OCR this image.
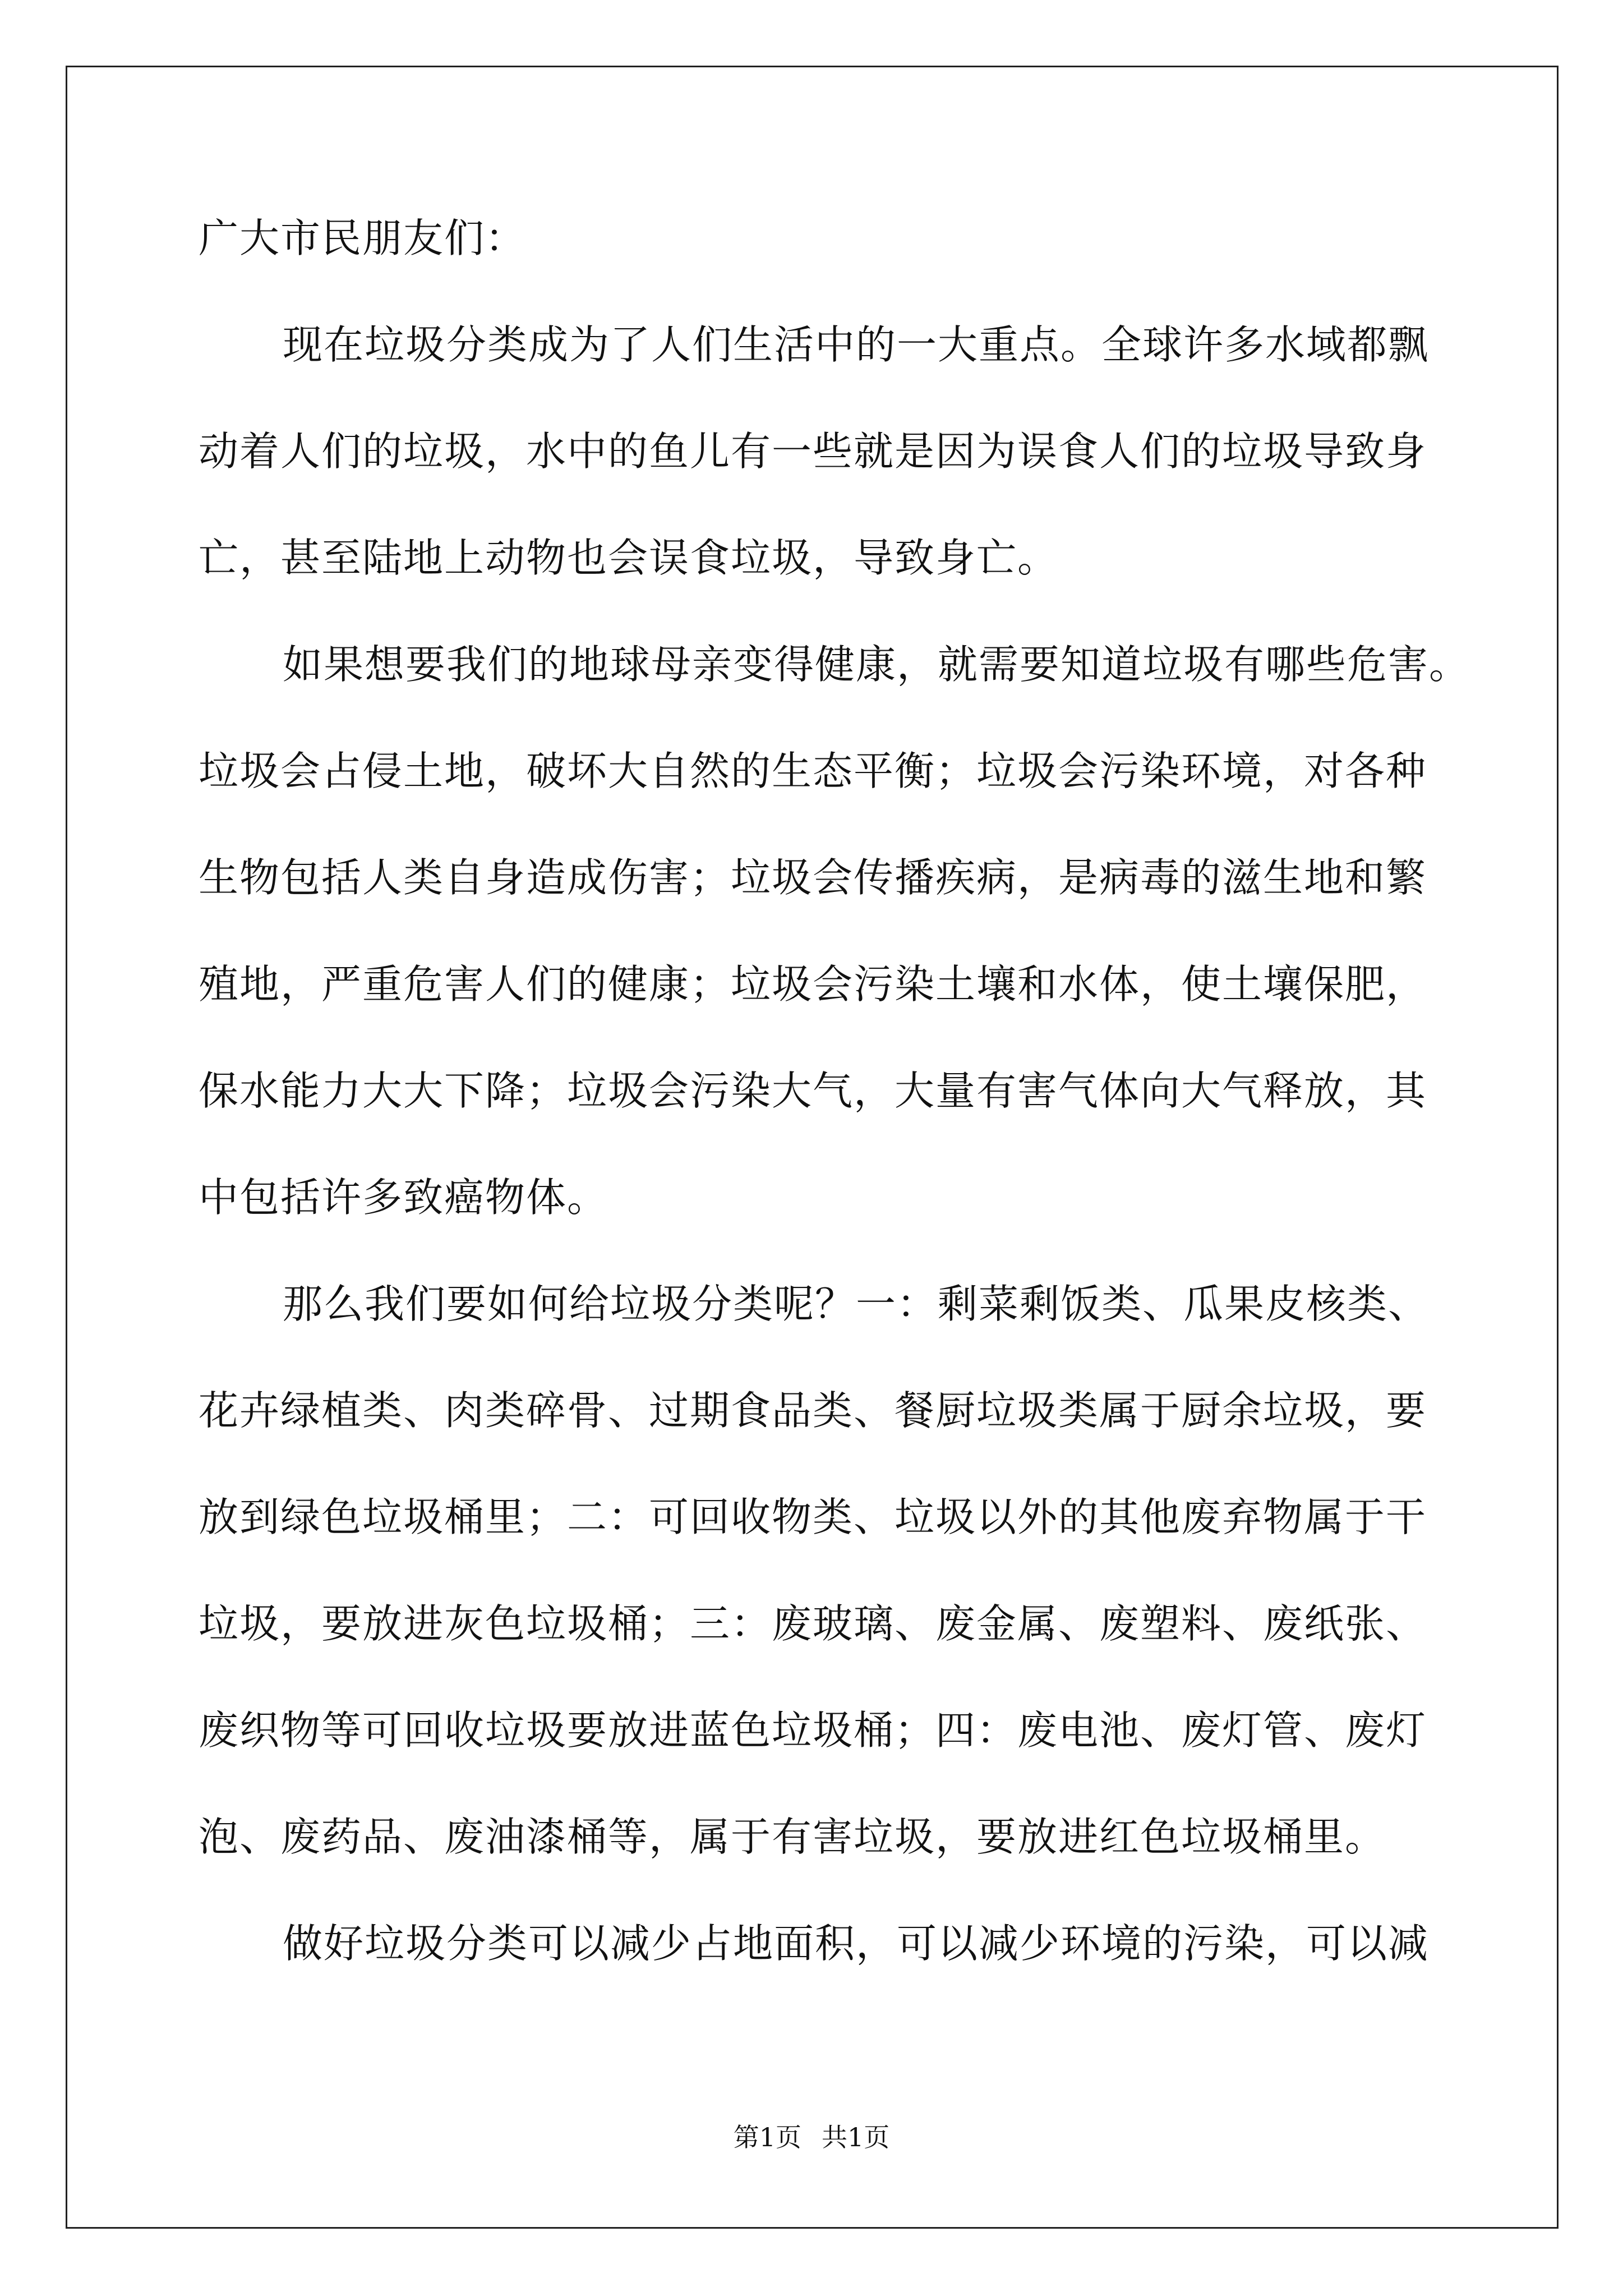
广大市民朋友们：
现在垃圾分类成为了人们生活中的一大重点。全球许多水域都飘
动着人们的垃圾，水中的鱼儿有一些就是因为误食人们的垃圾导致身
亡，甚至陆地上动物也会误食垃圾，导致身亡。
如果想要我们的地球母亲变得健康，就需要知道垃圾有哪些危害。
垃圾会占侵土地，破坏大自然的生态平衡；垃圾会污染环境，对各种
生物包括人类自身造成伤害；垃圾会传播疾病，是病毒的滋生地和繁
殖地，严重危害人们的健康；垃圾会污染土壤和水体，使土壤保肥，
保水能力大大下降；垃圾会污染大气，大量有害气体向大气释放，其
中包括许多致癌物体。
那么我们要如何给垃圾分类呢？一：剩菜剩饭类、瓜果皮核类、
花卉绿植类、肉类碎骨、过期食品类、餐厨垃圾类属于厨余垃圾，要
放到绿色垃圾桶里；二：可回收物类、垃圾以外的其他废弃物属于干
垃圾，要放进灰色垃圾桶；三：废玻璃、废金属、废塑料、废纸张、
废织物等可回收垃圾要放进蓝色垃圾桶；四：废电池、废灯管、废灯
泡、废药品、废油漆桶等，属于有害垃圾，要放进红色垃圾桶里。
做好垃圾分类可以减少占地面积，可以减少环境的污染，可以减
第1页 共1页
